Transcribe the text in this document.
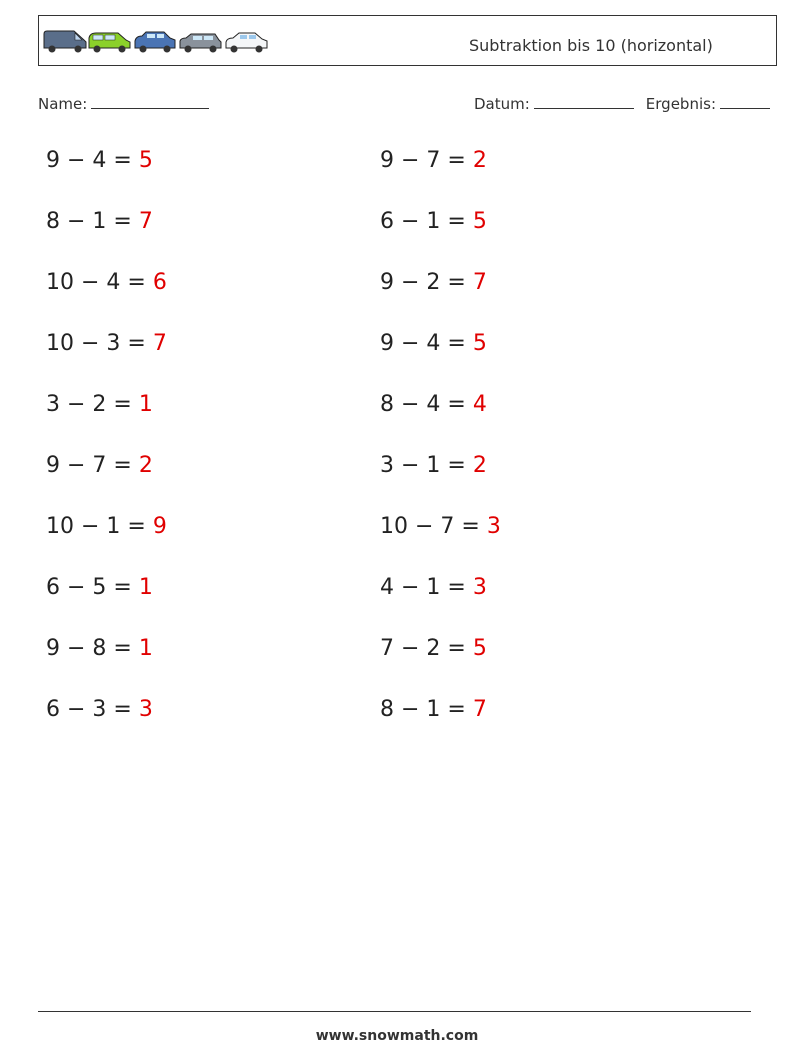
Subtraktion bis 10 (horizontal)
Name:	Datum:	Ergebnis:
9 − 4 = 5
8 − 1 = 7
10 − 4 = 6
10 − 3 = 7
3 − 2 = 1
9 − 7 = 2
10 − 1 = 9
6 − 5 = 1
9 − 8 = 1
6 − 3 = 3
9 − 7 = 2
6 − 1 = 5
9 − 2 = 7
9 − 4 = 5
8 − 4 = 4
3 − 1 = 2
10 − 7 = 3
4 − 1 = 3
7 − 2 = 5
8 − 1 = 7
www.snowmath.com
